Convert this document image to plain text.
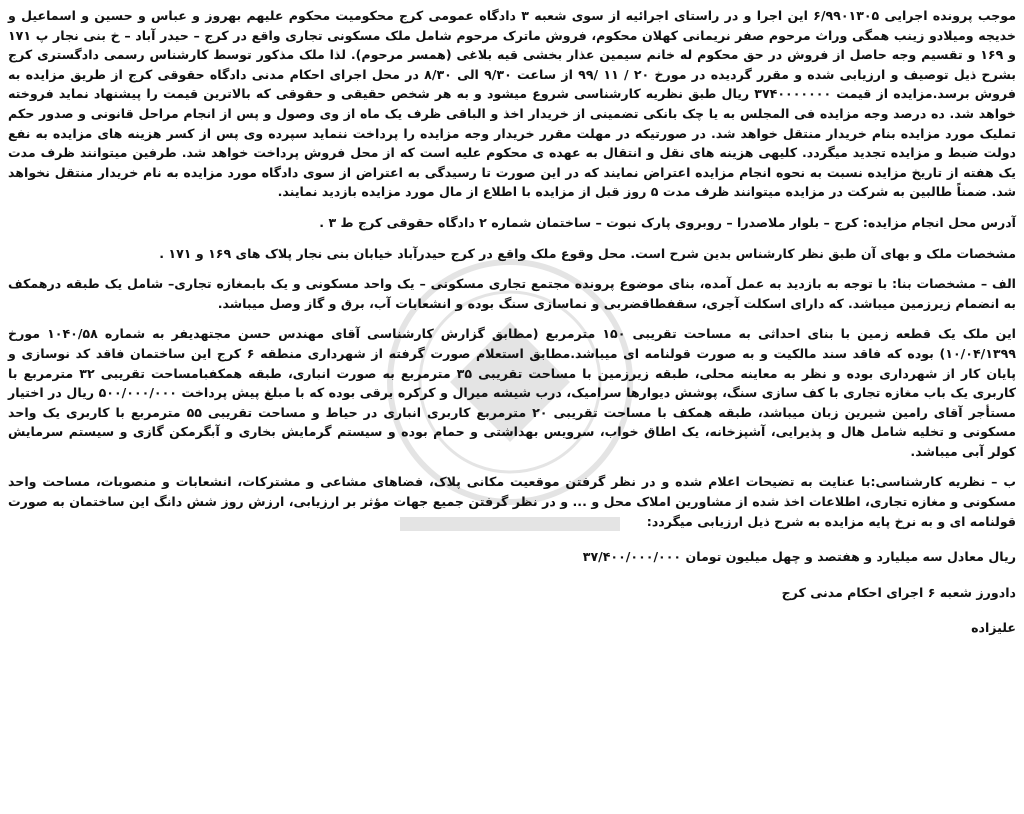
موجب پرونده اجرایی ۶/۹۹۰۱۳۰۵ این اجرا و در راستای اجرائیه از سوی شعبه ۳ دادگاه عمومی کرج محکومیت محکوم علیهم بهروز و عباس و حسین و اسماعیل و خدیجه ومیلادو زینب همگی وراث مرحوم صفر نریمانی کهلان محکوم، فروش ماترک مرحوم شامل ملک مسکونی تجاری واقع در کرج – حیدر آباد – خ بنی نجار پ ۱۷۱ و ۱۶۹ و تقسیم وجه حاصل از فروش در حق محکوم له خانم سیمین عذار بخشی قیه بلاغی (همسر مرحوم). لذا ملک مذکور توسط کارشناس رسمی دادگستری کرج بشرح ذیل توصیف و ارزیابی شده و مقرر گردیده در مورخ ۲۰ / ۱۱ /۹۹ از ساعت ۹/۳۰ الی ۸/۳۰ در محل اجرای احکام مدنی دادگاه حقوقی کرج از طریق مزایده به فروش برسد.مزایده از قیمت ۳۷۴۰۰۰۰۰۰۰ ریال طبق نظریه کارشناسی شروع میشود و به هر شخص حقیقی و حقوقی که بالاترین قیمت را پیشنهاد نماید فروخته خواهد شد. ده درصد وجه مزایده فی المجلس به یا چک بانکی تضمینی از خریدار اخذ و الباقی ظرف یک ماه از وی وصول و پس از انجام مراحل قانونی و صدور حکم تملیک مورد مزایده بنام خریدار منتقل خواهد شد. در صورتیکه در مهلت مقرر خریدار وجه مزایده را پرداخت ننماید سپرده وی پس از کسر هزینه های مزایده به نفع دولت ضبط و مزایده تجدید میگردد. کلیهی هزینه های نقل و انتقال به عهده ی محکوم علیه است که از محل فروش پرداخت خواهد شد. طرفین میتوانند ظرف مدت یک هفته از تاریخ مزایده نسبت به نحوه انجام مزایده اعتراض نمایند که در این صورت تا رسیدگی به اعتراض از سوی دادگاه مورد مزایده به نام خریدار منتقل نخواهد شد. ضمناً طالبین به شرکت در مزایده میتوانند ظرف مدت ۵ روز قبل از مزایده با اطلاع از مال مورد مزایده بازدید نمایند.

آدرس محل انجام مزایده: کرج – بلوار ملاصدرا – روبروی پارک نبوت – ساختمان شماره ۲ دادگاه حقوقی کرج ط ۳ .

مشخصات ملک و بهای آن طبق نظر کارشناس بدین شرح است. محل وقوع ملک واقع در کرج حیدرآباد خیابان بنی نجار پلاک های ۱۶۹ و ۱۷۱ .

الف – مشخصات بنا: با توجه به بازدید به عمل آمده، بنای موضوع پرونده مجتمع تجاری مسکونی – یک واحد مسکونی و یک بابمغازه تجاری– شامل یک طبقه درهمکف به انضمام زیرزمین میباشد. که دارای اسکلت آجری، سقفطاقضربی و نماسازی سنگ بوده و انشعابات آب، برق و گاز وصل میباشد.

این ملک یک قطعه زمین با بنای احداثی به مساحت تقریبی ۱۵۰ مترمربع (مطابق گزارش کارشناسی آقای مهندس حسن مجتهدیفر به شماره ۱۰۴۰/۵۸ مورخ ۱۰/۰۴/۱۳۹۹) بوده که فاقد سند مالکیت و به صورت قولنامه ای میباشد.مطابق استعلام صورت گرفته از شهرداری منطقه ۶ کرج این ساختمان فاقد کد نوسازی و پایان کار از شهرداری بوده و نظر به معاینه محلی، طبقه زیرزمین با مساحت تقریبی ۳۵ مترمربع به صورت انباری، طبقه همکفبامساحت تقریبی ۳۲ مترمربع با کاربری یک باب مغازه تجاری با کف سازی سنگ، پوشش دیوارها سرامیک، درب شیشه میرال و کرکره برقی بوده که با مبلغ پیش پرداخت ۵۰۰/۰۰۰/۰۰۰ ریال در اختیار مستأجر آقای رامین شیرین زبان میباشد، طبقه همکف با مساحت تقریبی ۲۰ مترمربع کاربری انباری در حیاط و مساحت تقریبی ۵۵ مترمربع با کاربری یک واحد مسکونی و تخلیه شامل هال و پذیرایی، آشپزخانه، یک اطاق خواب، سرویس بهداشتی و حمام بوده و سیستم گرمایش بخاری و آبگرمکن گازی و سیستم سرمایش کولر آبی میباشد.

ب – نظریه کارشناسی:با عنایت به تضیحات اعلام شده و در نظر گرفتن موقعیت مکانی پلاک، فضاهای مشاعی و مشترکات، انشعابات و منصوبات، مساحت واحد مسکونی و مغازه تجاری، اطلاعات اخذ شده از مشاورین املاک محل و ... و در نظر گرفتن جمیع جهات مؤثر بر ارزیابی، ارزش روز شش دانگ این ساختمان به صورت قولنامه ای و به نرخ پایه مزایده به شرح ذیل ارزیابی میگردد:

ریال معادل سه میلیارد و هفتصد و چهل میلیون تومان ۳۷/۴۰۰/۰۰۰/۰۰۰

دادورز شعبه ۶ اجرای احکام مدنی کرج

علیزاده
